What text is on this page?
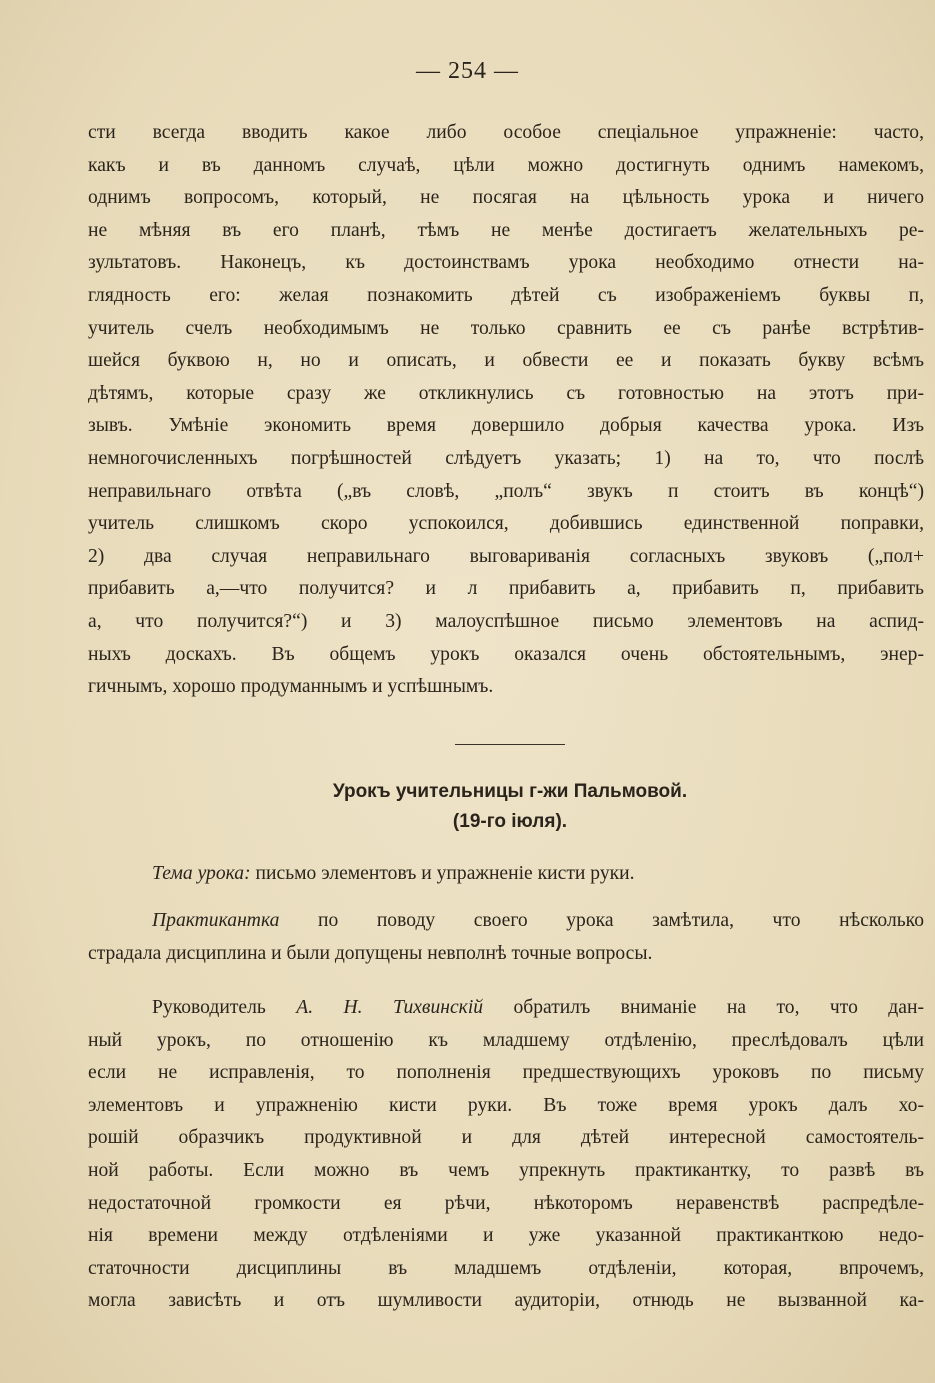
— 254 —
сти всегда вводить какое либо особое спеціальное упражненіе: часто,
какъ и въ данномъ случаѣ, цѣли можно достигнуть однимъ намекомъ,
однимъ вопросомъ, который, не посягая на цѣльность урока и ничего
не мѣняя въ его планѣ, тѣмъ не менѣе достигаетъ желательныхъ ре-
зультатовъ. Наконецъ, къ достоинствамъ урока необходимо отнести на-
глядность его: желая познакомить дѣтей съ изображеніемъ буквы п,
учитель счелъ необходимымъ не только сравнить ее съ ранѣе встрѣтив-
шейся буквою н, но и описать, и обвести ее и показать букву всѣмъ
дѣтямъ, которые сразу же откликнулись съ готовностью на этотъ при-
зывъ. Умѣніе экономить время довершило добрыя качества урока. Изъ
немногочисленныхъ погрѣшностей слѣдуетъ указать; 1) на то, что послѣ
неправильнаго отвѣта („въ словѣ, „полъ“ звукъ п стоитъ въ концѣ“)
учитель слишкомъ скоро успокоился, добившись единственной поправки,
2) два случая неправильнаго выговариванія согласныхъ звуковъ („пол+
прибавить а,—что получится? и л прибавить а, прибавить п, прибавить
а, что получится?“) и 3) малоуспѣшное письмо элементовъ на аспид-
ныхъ доскахъ. Въ общемъ урокъ оказался очень обстоятельнымъ, энер-
гичнымъ, хорошо продуманнымъ и успѣшнымъ.
Урокъ учительницы г-жи Пальмовой.
(19-го іюля).
Тема урока: письмо элементовъ и упражненіе кисти руки.
Практикантка по поводу своего урока замѣтила, что нѣсколько
страдала дисциплина и были допущены невполнѣ точные вопросы.
Руководитель А. Н. Тихвинскій обратилъ вниманіе на то, что дан-
ный урокъ, по отношенію къ младшему отдѣленію, преслѣдовалъ цѣли
если не исправленія, то пополненія предшествующихъ уроковъ по письму
элементовъ и упражненію кисти руки. Въ тоже время урокъ далъ хо-
рошій образчикъ продуктивной и для дѣтей интересной самостоятель-
ной работы. Если можно въ чемъ упрекнуть практикантку, то развѣ въ
недостаточной громкости ея рѣчи, нѣкоторомъ неравенствѣ распредѣле-
нія времени между отдѣленіями и уже указанной практиканткою недо-
статочности дисциплины въ младшемъ отдѣленіи, которая, впрочемъ,
могла зависѣть и отъ шумливости аудиторіи, отнюдь не вызванной ка-
